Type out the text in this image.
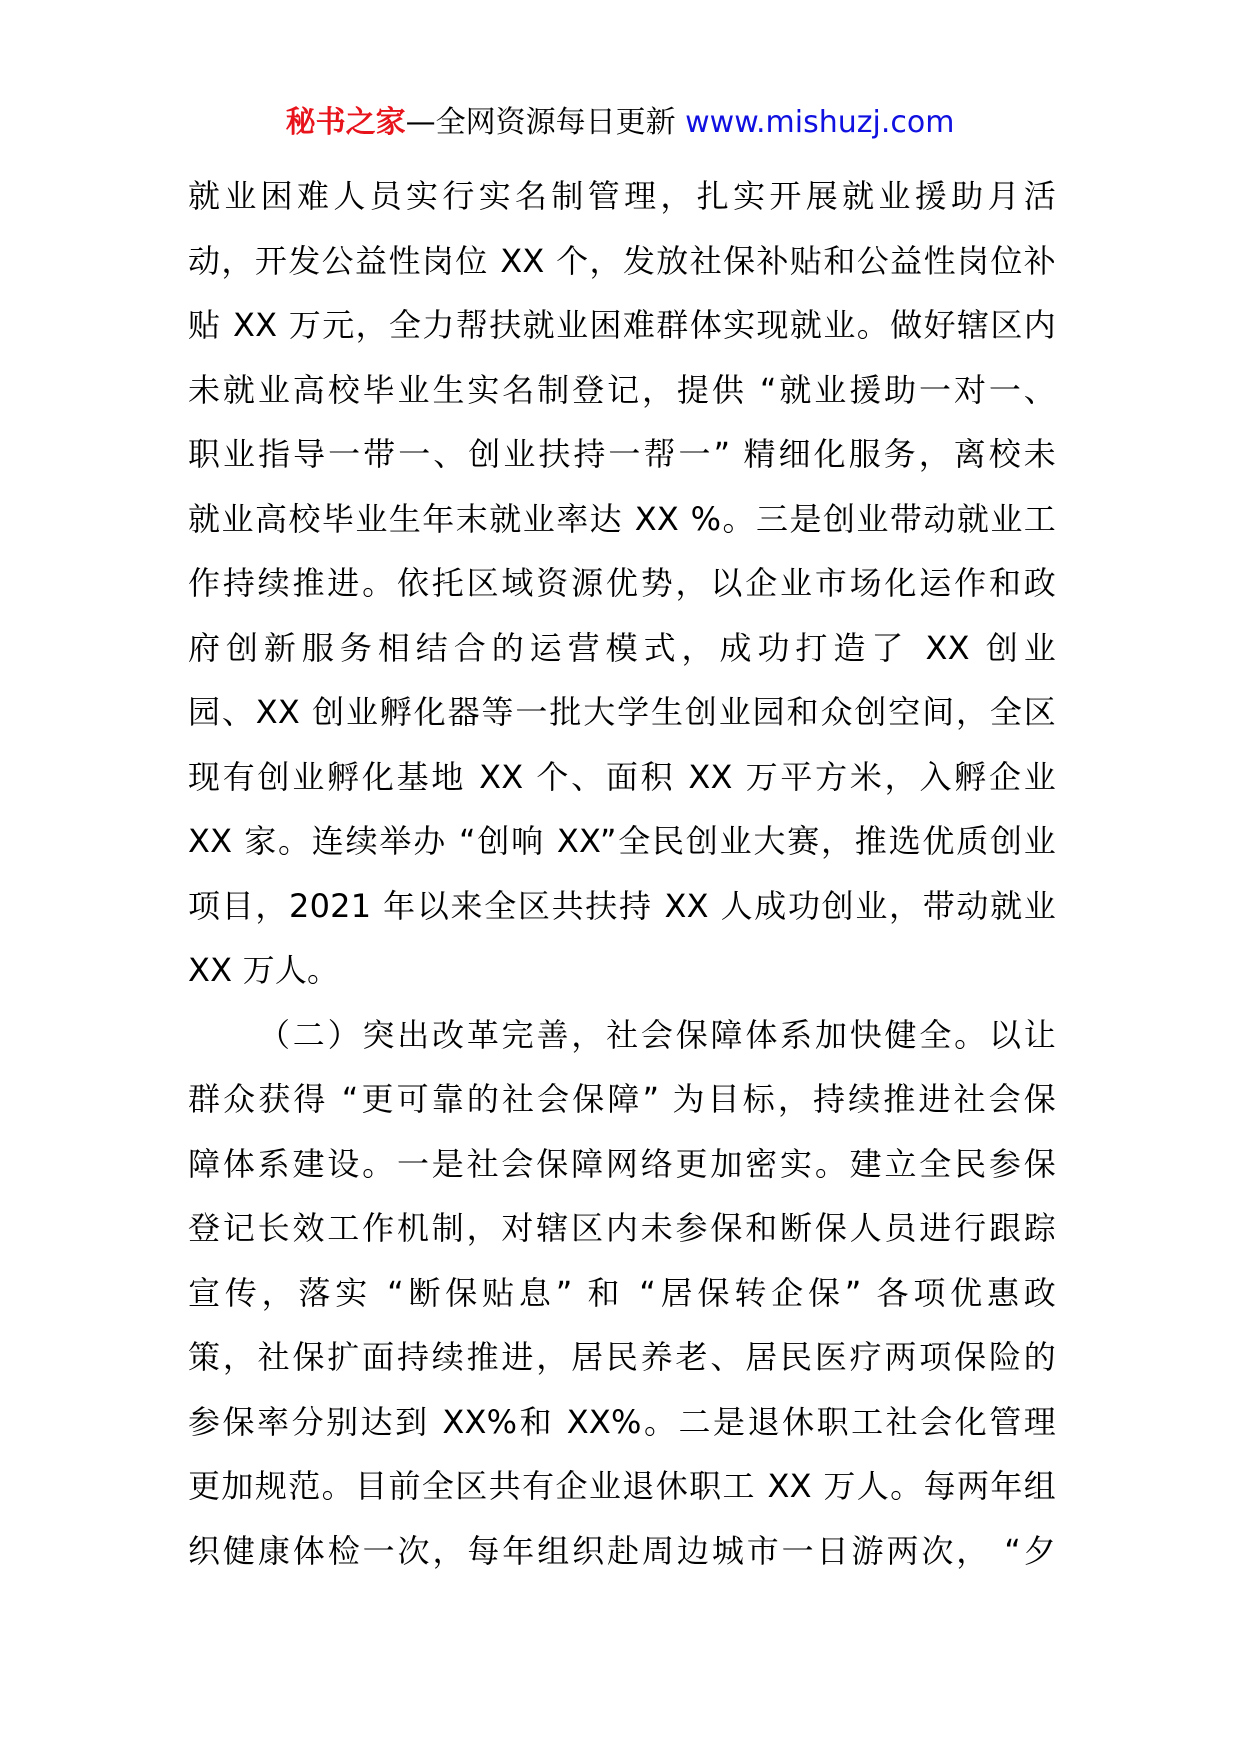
秘书之家—全网资源每日更新 www.mishuzj.com
就业困难人员实行实名制管理，扎实开展就业援助月活
动，开发公益性岗位 XX 个，发放社保补贴和公益性岗位补
贴 XX 万元，全力帮扶就业困难群体实现就业。做好辖区内
未就业高校毕业生实名制登记，提供 “就业援助一对一、
职业指导一带一、创业扶持一帮一” 精细化服务，离校未
就业高校毕业生年末就业率达 XX %。三是创业带动就业工
作持续推进。依托区域资源优势，以企业市场化运作和政
府创新服务相结合的运营模式，成功打造了 XX 创业
园、XX 创业孵化器等一批大学生创业园和众创空间，全区
现有创业孵化基地 XX 个、面积 XX 万平方米，入孵企业
XX 家。连续举办 “创响 XX”全民创业大赛，推选优质创业
项目，2021 年以来全区共扶持 XX 人成功创业，带动就业
XX 万人。
（二）突出改革完善，社会保障体系加快健全。以让
群众获得 “更可靠的社会保障” 为目标，持续推进社会保
障体系建设。一是社会保障网络更加密实。建立全民参保
登记长效工作机制，对辖区内未参保和断保人员进行跟踪
宣传，落实 “断保贴息” 和 “居保转企保” 各项优惠政
策，社保扩面持续推进，居民养老、居民医疗两项保险的
参保率分别达到 XX%和 XX%。二是退休职工社会化管理
更加规范。目前全区共有企业退休职工 XX 万人。每两年组
织健康体检一次，每年组织赴周边城市一日游两次， “夕
